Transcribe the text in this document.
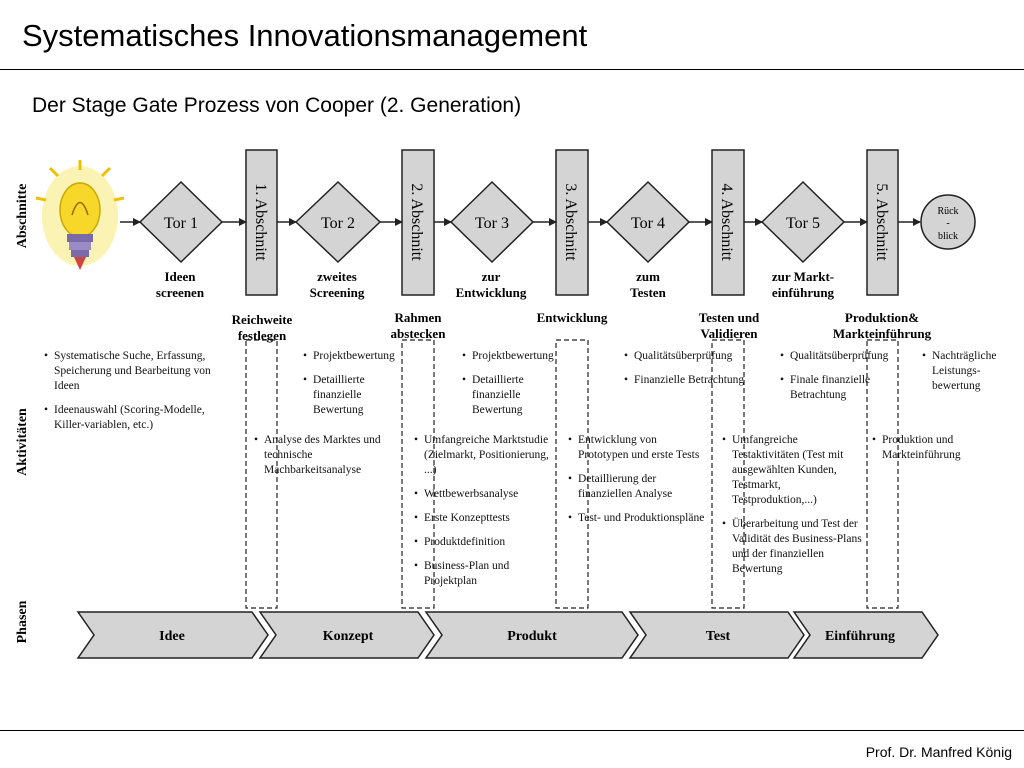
Systematisches Innovationsmanagement
Der Stage Gate Prozess von Cooper (2. Generation)
Abschnitte
Aktivitäten
Phasen
Tor 1
Ideen
screenen
Tor 2
zweites
Screening
Tor 3
zur
Entwicklung
Tor 4
zum
Testen
Tor 5
zur Markt-
einführung
1. Abschnitt
Reichweite
festlegen
2. Abschnitt
Rahmen
abstecken
3. Abschnitt
Entwicklung
4. Abschnitt
Testen und
Validieren
5. Abschnitt
Produktion&
Markteinführung
Rück
-
blick
Idee	Konzept	Produkt	Test	Einführung
• Systematische Suche, Erfassung, Speicherung und Bearbeitung von Ideen
• Ideenauswahl (Scoring-Modelle, Killer-variablen, etc.)
• Projektbewertung
• Detaillierte finanzielle Bewertung
• Projektbewertung
• Detaillierte finanzielle Bewertung
• Qualitätsüberprüfung
• Finanzielle Betrachtung
• Qualitätsüberprüfung
• Finale finanzielle Betrachtung
• Nachträgliche Leistungs-bewertung
• Analyse des Marktes und technische Machbarkeitsanalyse
• Umfangreiche Marktstudie (Zielmarkt, Positionierung, ...)
• Wettbewerbsanalyse
• Erste Konzepttests
• Produktdefinition
• Business-Plan und Projektplan
• Entwicklung von Prototypen und erste Tests
• Detaillierung der finanziellen Analyse
• Test- und Produktionspläne
• Umfangreiche Testaktivitäten (Test mit ausgewählten Kunden, Testmarkt, Testproduktion,...)
• Überarbeitung und Test der Validität des Business-Plans und der finanziellen Bewertung
• Produktion und Markteinführung
Prof. Dr. Manfred König
